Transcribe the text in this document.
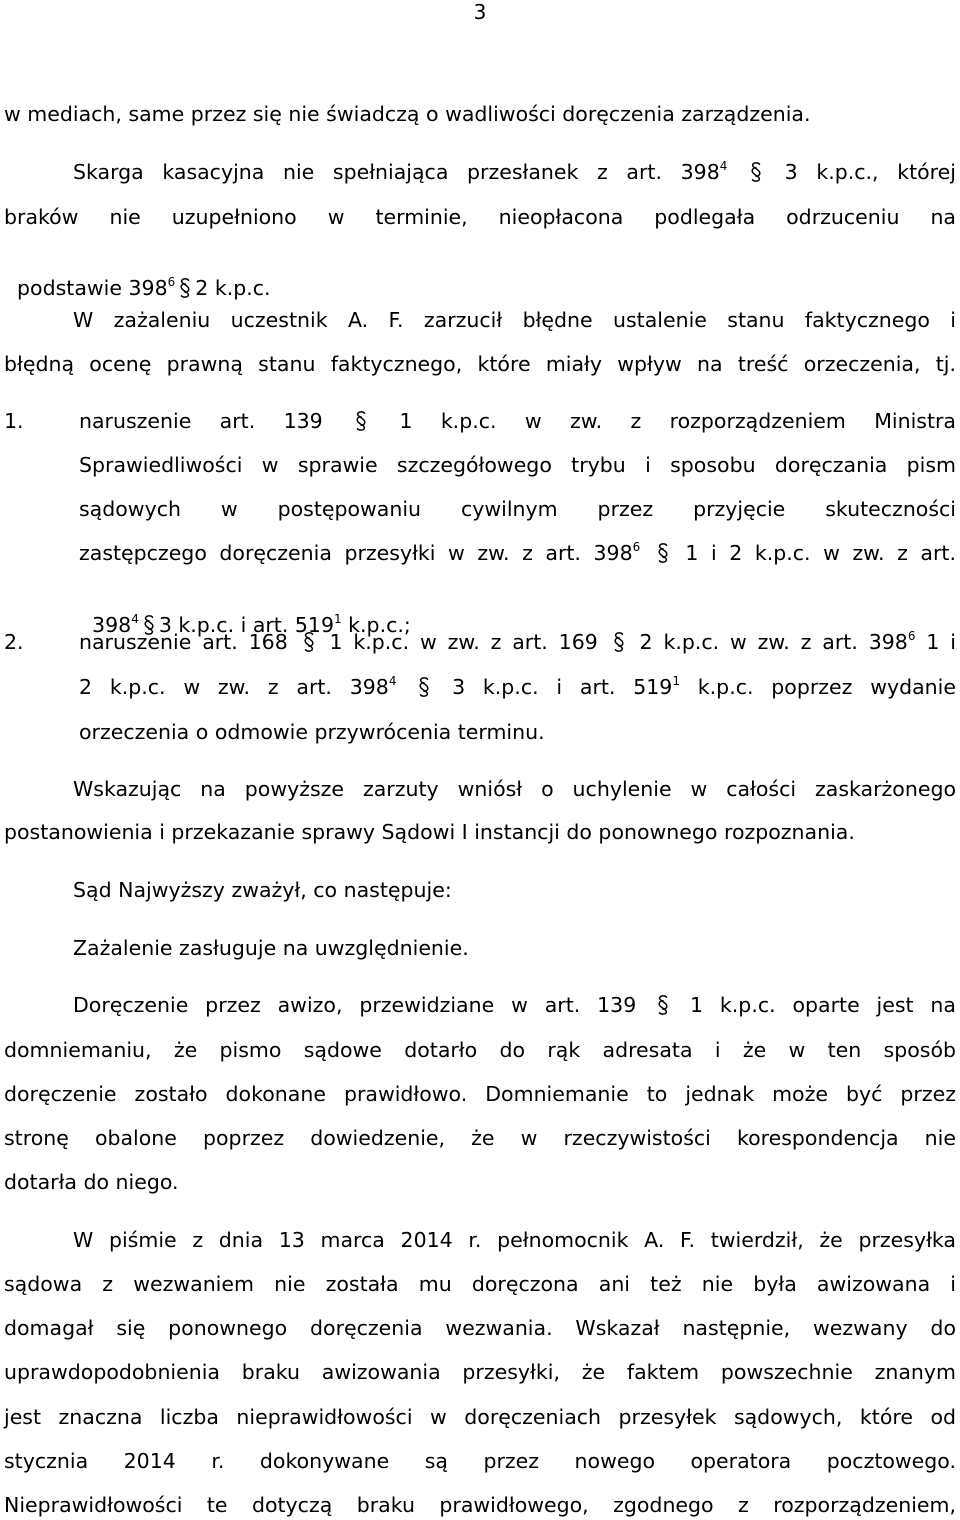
3
w mediach, same przez się nie świadczą o wadliwości doręczenia zarządzenia.
Skarga kasacyjna nie spełniająca przesłanek z art. $398^4$	3 k.p.c., której
braków nie uzupełniono w terminie, nieopłacona podlegała odrzuceniu na

podstawie $398^6$ 2 k.p.c.

W zażaleniu uczestnik A. F. zarzucił błędne ustalenie stanu faktycznego i
błędną ocenę prawną stanu faktycznego, które miały wpływ na treść orzeczenia, tj.
1.	naruszenie art. 139	1 k.p.c. w zw. z rozporządzeniem Ministra
Sprawiedliwości w sprawie szczegółowego trybu i sposobu doręczania pism
sądowych w postępowaniu cywilnym przez przyjęcie skuteczności
zastępczego doręczenia przesyłki w zw. z art. $398^6$ 1 i 2 k.p.c. w zw. z art.

$398^4$ 3 k.p.c. i art. $519^1$ k.p.c.;

2.	naruszenie art. 168 1 k.p.c. w zw. z art. 169 2 k.p.c. w zw. z art. $398^6$ 1 i
2 k.p.c. w zw. z art. $398^4$	3 k.p.c. i art. $519^1$ k.p.c. poprzez wydanie
orzeczenia o odmowie przywrócenia terminu.
Wskazując na powyższe zarzuty wniósł o uchylenie w całości zaskarżonego
postanowienia i przekazanie sprawy Sądowi I instancji do ponownego rozpoznania.
Sąd Najwyższy zważył, co następuje:
Zażalenie zasługuje na uwzględnienie.
Doręczenie przez awizo, przewidziane w art. 139	1 k.p.c. oparte jest na
domniemaniu, że pismo sądowe dotarło do rąk adresata i że w ten sposób
doręczenie zostało dokonane prawidłowo. Domniemanie to jednak może być przez
stronę obalone poprzez dowiedzenie, że w rzeczywistości korespondencja nie
dotarła do niego.
W piśmie z dnia 13 marca 2014 r. pełnomocnik A. F. twierdził, że przesyłka
sądowa z wezwaniem nie została mu doręczona ani też nie była awizowana i
domagał się ponownego doręczenia wezwania. Wskazał następnie, wezwany do
uprawdopodobnienia braku awizowania przesyłki, że faktem powszechnie znanym
jest znaczna liczba nieprawidłowości w doręczeniach przesyłek sądowych, które od
stycznia 2014 r. dokonywane są przez nowego operatora pocztowego.
Nieprawidłowości te dotyczą braku prawidłowego, zgodnego z rozporządzeniem,
